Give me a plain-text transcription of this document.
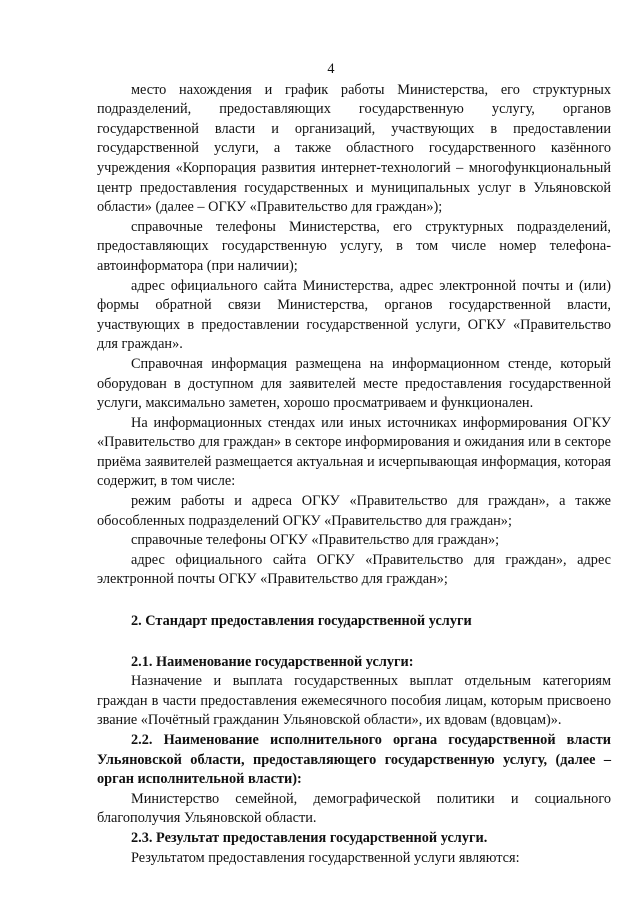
4

место нахождения и график работы Министерства, его структурных подразделений, предоставляющих государственную услугу, органов государственной власти и организаций, участвующих в предоставлении государственной услуги, а также областного государственного казённого учреждения «Корпорация развития интернет-технологий – многофункциональный центр предоставления государственных и муниципальных услуг в Ульяновской области» (далее – ОГКУ «Правительство для граждан»);

справочные телефоны Министерства, его структурных подразделений, предоставляющих государственную услугу, в том числе номер телефона-автоинформатора (при наличии);

адрес официального сайта Министерства, адрес электронной почты и (или) формы обратной связи Министерства, органов государственной власти, участвующих в предоставлении государственной услуги, ОГКУ «Правительство для граждан».

Справочная информация размещена на информационном стенде, который оборудован в доступном для заявителей месте предоставления государственной услуги, максимально заметен, хорошо просматриваем и функционален.

На информационных стендах или иных источниках информирования ОГКУ «Правительство для граждан» в секторе информирования и ожидания или в секторе приёма заявителей размещается актуальная и исчерпывающая информация, которая содержит, в том числе:

режим работы и адреса ОГКУ «Правительство для граждан», а также обособленных подразделений ОГКУ «Правительство для граждан»;

справочные телефоны ОГКУ «Правительство для граждан»;

адрес официального сайта ОГКУ «Правительство для граждан», адрес электронной почты ОГКУ «Правительство для граждан»;

2. Стандарт предоставления государственной услуги

2.1. Наименование государственной услуги:

Назначение и выплата государственных выплат отдельным категориям граждан в части предоставления ежемесячного пособия лицам, которым присвоено звание «Почётный гражданин Ульяновской области», их вдовам (вдовцам)».

2.2. Наименование исполнительного органа государственной власти Ульяновской области, предоставляющего государственную услугу, (далее – орган исполнительной власти):

Министерство семейной, демографической политики и социального благополучия Ульяновской области.

2.3. Результат предоставления государственной услуги.

Результатом предоставления государственной услуги являются:
